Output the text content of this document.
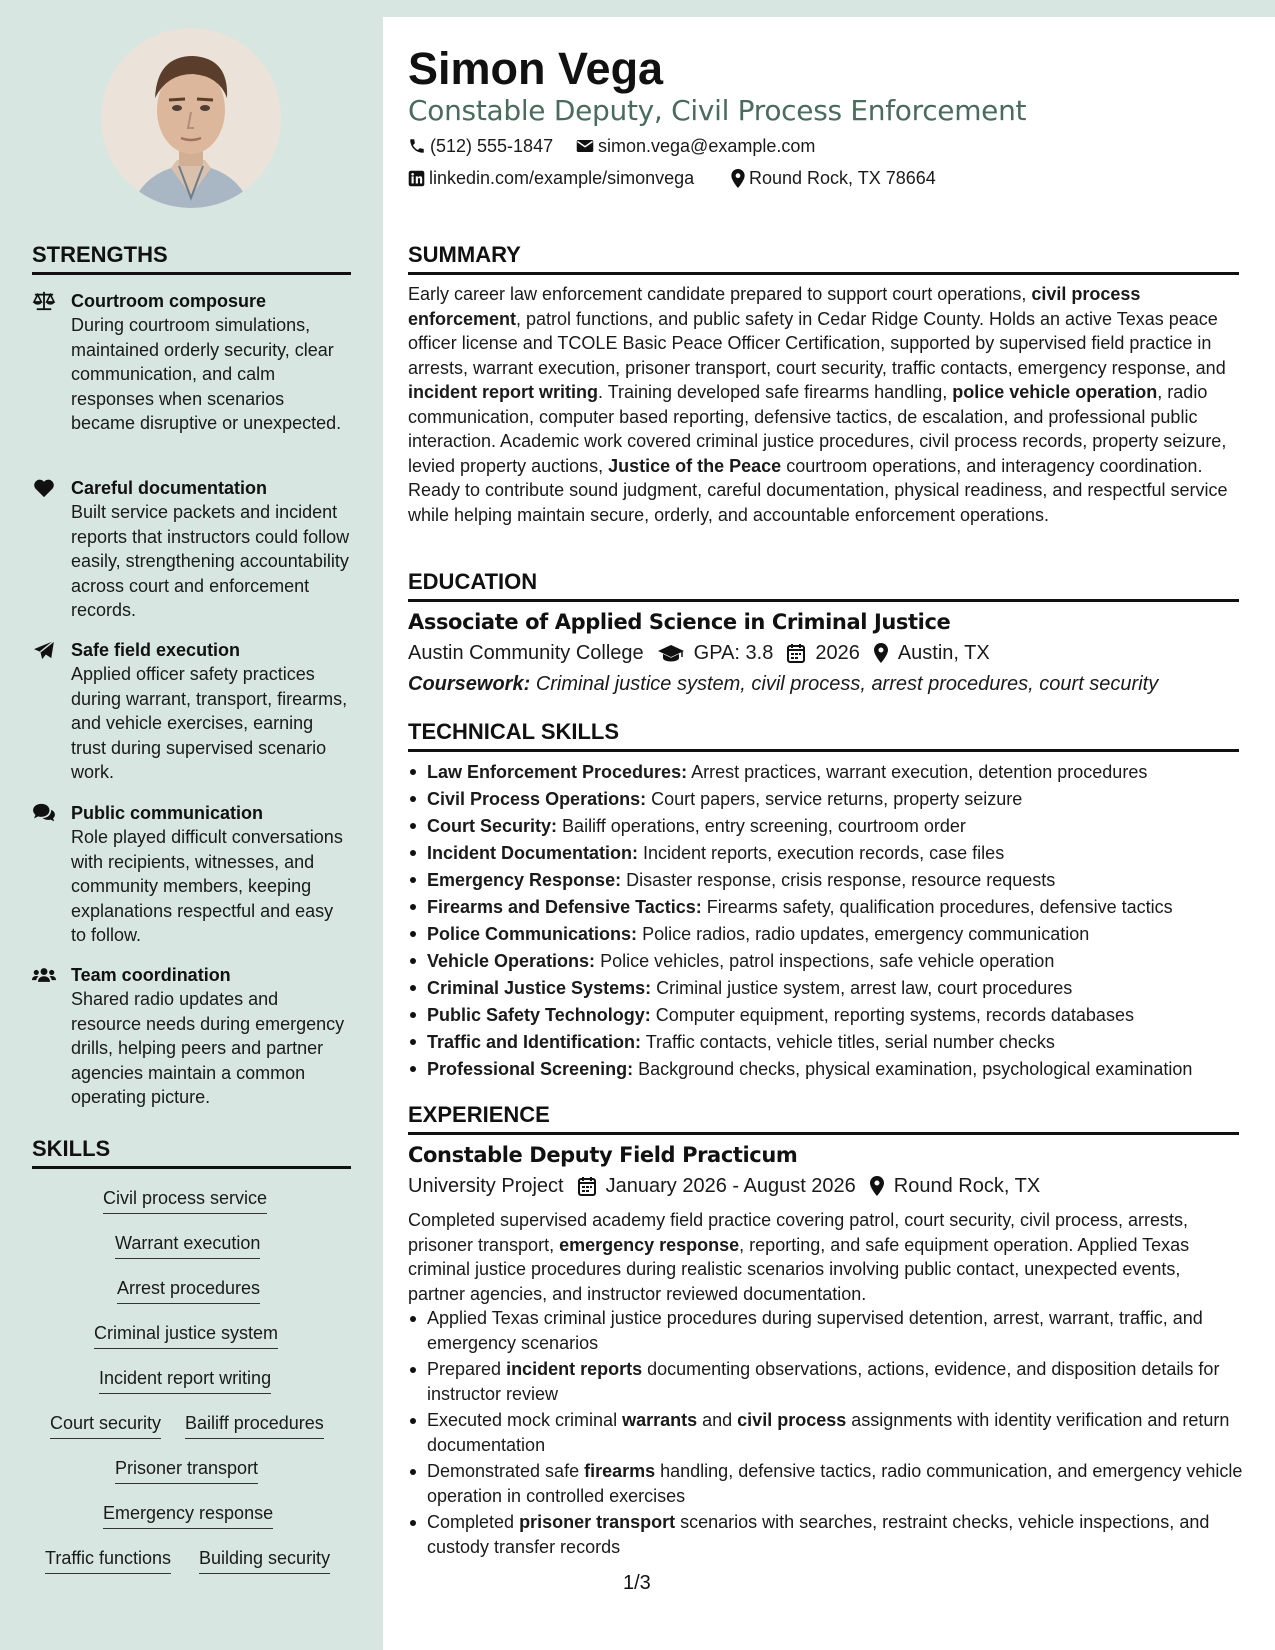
Simon Vega
Constable Deputy, Civil Process Enforcement
(512) 555-1847 simon.vega@example.com
linkedin.com/example/simonvega	Round Rock, TX 78664
STRENGTHS
Courtroom composure
During courtroom simulations, maintained orderly security, clear communication, and calm responses when scenarios became disruptive or unexpected.
Careful documentation
Built service packets and incident reports that instructors could follow easily, strengthening accountability across court and enforcement records.
Safe field execution
Applied officer safety practices during warrant, transport, firearms, and vehicle exercises, earning trust during supervised scenario work.
Public communication
Role played difficult conversations with recipients, witnesses, and community members, keeping explanations respectful and easy to follow.
Team coordination
Shared radio updates and resource needs during emergency drills, helping peers and partner agencies maintain a common operating picture.
SKILLS
Civil process service
Warrant execution
Arrest procedures
Criminal justice system
Incident report writing
Court security Bailiff procedures
Prisoner transport
Emergency response
Traffic functions Building security
SUMMARY
Early career law enforcement candidate prepared to support court operations, civil process enforcement, patrol functions, and public safety in Cedar Ridge County. Holds an active Texas peace officer license and TCOLE Basic Peace Officer Certification, supported by supervised field practice in arrests, warrant execution, prisoner transport, court security, traffic contacts, emergency response, and incident report writing. Training developed safe firearms handling, police vehicle operation, radio communication, computer based reporting, defensive tactics, de escalation, and professional public interaction. Academic work covered criminal justice procedures, civil process records, property seizure, levied property auctions, Justice of the Peace courtroom operations, and interagency coordination. Ready to contribute sound judgment, careful documentation, physical readiness, and respectful service while helping maintain secure, orderly, and accountable enforcement operations.
EDUCATION
Associate of Applied Science in Criminal Justice
Austin Community College	GPA: 3.8 2026 Austin, TX
Coursework: Criminal justice system, civil process, arrest procedures, court security
TECHNICAL SKILLS
Law Enforcement Procedures: Arrest practices, warrant execution, detention procedures
Civil Process Operations: Court papers, service returns, property seizure
Court Security: Bailiff operations, entry screening, courtroom order
Incident Documentation: Incident reports, execution records, case files
Emergency Response: Disaster response, crisis response, resource requests
Firearms and Defensive Tactics: Firearms safety, qualification procedures, defensive tactics
Police Communications: Police radios, radio updates, emergency communication
Vehicle Operations: Police vehicles, patrol inspections, safe vehicle operation
Criminal Justice Systems: Criminal justice system, arrest law, court procedures
Public Safety Technology: Computer equipment, reporting systems, records databases
Traffic and Identification: Traffic contacts, vehicle titles, serial number checks
Professional Screening: Background checks, physical examination, psychological examination
EXPERIENCE
Constable Deputy Field Practicum
University Project January 2026 - August 2026 Round Rock, TX
Completed supervised academy field practice covering patrol, court security, civil process, arrests, prisoner transport, emergency response, reporting, and safe equipment operation. Applied Texas criminal justice procedures during realistic scenarios involving public contact, unexpected events, partner agencies, and instructor reviewed documentation.
Applied Texas criminal justice procedures during supervised detention, arrest, warrant, traffic, and emergency scenarios
Prepared incident reports documenting observations, actions, evidence, and disposition details for instructor review
Executed mock criminal warrants and civil process assignments with identity verification and return documentation
Demonstrated safe firearms handling, defensive tactics, radio communication, and emergency vehicle operation in controlled exercises
Completed prisoner transport scenarios with searches, restraint checks, vehicle inspections, and custody transfer records
1/3
